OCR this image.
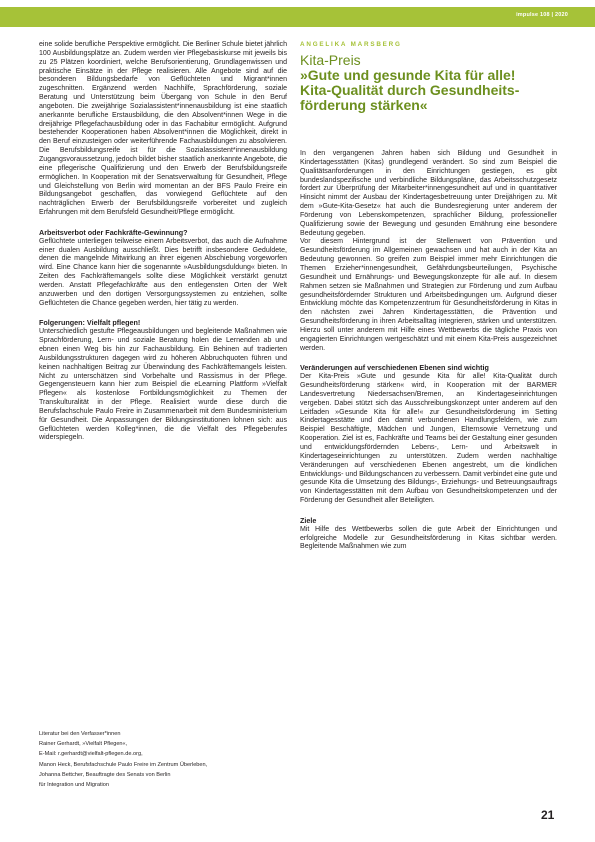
impulse 108 | 2020

eine solide berufliche Perspektive ermöglicht. Die Berliner Schule bietet jährlich 100 Ausbildungsplätze an. Zudem werden vier Pflegebasiskurse mit jeweils bis zu 25 Plätzen koordiniert, welche Berufsorientierung, Grundlagenwissen und praktische Einsätze in der Pflege realisieren. Alle Angebote sind auf die besonderen Bildungsbedarfe von Geflüchteten und Migrant*innen zugeschnitten. Ergänzend werden Nachhilfe, Sprachförderung, soziale Beratung und Unterstützung beim Übergang von Schule in den Beruf angeboten. Die zweijährige Sozialassistent*innenausbildung ist eine staatlich anerkannte berufliche Erstausbildung, die den Absolvent*innen Wege in die dreijährige Pflegefachausbildung oder in das Fachabitur ermöglicht. Aufgrund bestehender Kooperationen haben Absolvent*innen die Möglichkeit, direkt in den Beruf einzusteigen oder weiterführende Fachausbildungen zu absolvieren. Die Berufsbildungsreife ist für die Sozialassistent*innenausbildung Zugangsvoraussetzung, jedoch bildet bisher staatlich anerkannte Angebote, die eine pflegerische Qualifizierung und den Erwerb der Berufsbildungsreife ermöglichen. In Kooperation mit der Senatsverwaltung für Gesundheit, Pflege und Gleichstellung von Berlin wird momentan an der BFS Paulo Freire ein Bildungsangebot geschaffen, das vorwiegend Geflüchtete auf den nachträglichen Erwerb der Berufsbildungsreife vorbereitet und zugleich Erfahrungen mit dem Berufsfeld Gesundheit/Pflege ermöglicht.

Arbeitsverbot oder Fachkräfte-Gewinnung?

Geflüchtete unterliegen teilweise einem Arbeitsverbot, das auch die Aufnahme einer dualen Ausbildung ausschließt. Dies betrifft insbesondere Geduldete, denen die mangelnde Mitwirkung an ihrer eigenen Abschiebung vorgeworfen wird. Eine Chance kann hier die sogenannte »Ausbildungsduldung« bieten. In Zeiten des Fachkräftemangels sollte diese Möglichkeit verstärkt genutzt werden. Anstatt Pflegefachkräfte aus den entlegensten Orten der Welt anzuwerben und den dortigen Versorgungssystemen zu entziehen, sollte Geflüchteten die Chance gegeben werden, hier tätig zu werden.

Folgerungen: Vielfalt pflegen!

Unterschiedlich gestufte Pflegeausbildungen und begleitende Maßnahmen wie Sprachförderung, Lern- und soziale Beratung holen die Lernenden ab und ebnen einen Weg bis hin zur Fachausbildung. Ein Behinen auf tradierten Ausbildungsstrukturen dagegen wird zu höheren Abbruchquoten führen und keinen nachhaltigen Beitrag zur Überwindung des Fachkräftemangels leisten. Nicht zu unterschätzen sind Vorbehalte und Rassismus in der Pflege. Gegengensteuern kann hier zum Beispiel die eLearning Plattform »Vielfalt Pflegen« als kostenlose Fortbildungsmöglichkeit zu Themen der Transkulturalität in der Pflege. Realisiert wurde diese durch die Berufsfachschule Paulo Freire in Zusammenarbeit mit dem Bundesministerium für Gesundheit. Die Anpassungen der Bildungsinstitutionen lohnen sich: aus Geflüchteten werden Kolleg*innen, die die Vielfalt des Pflegeberufes widerspiegeln.

Literatur bei den Verfasser*innen
Rainer Gerhardt, »Vielfalt Pflegen«,
E-Mail: r.gerhardt@vielfalt-pflegen.de.org,
Manon Heck, Berufsfachschule Paulo Freire im Zentrum Überleben,
Johanna Bettcher, Beauftragte des Senats von Berlin
für Integration und Migration
ANGELIKA MARSBERG
Kita-Preis
»Gute und gesunde Kita für alle!
Kita-Qualität durch Gesundheits-
förderung stärken«

In den vergangenen Jahren haben sich Bildung und Gesundheit in Kindertagesstätten (Kitas) grundlegend verändert. So sind zum Beispiel die Qualitätsanforderungen in den Einrichtungen gestiegen, es gibt bundeslandspezifische und verbindliche Bildungspläne, das Arbeitsschutzgesetz fordert zur Überprüfung der Mitarbeiter*innengesundheit auf und in quantitativer Hinsicht nimmt der Ausbau der Kindertagesbetreuung unter Dreijährigen zu. Mit dem »Gute-Kita-Gesetz« hat auch die Bundesregierung unter anderem der Förderung von Lebenskompetenzen, sprachlicher Bildung, professioneller Qualifizierung sowie der Bewegung und gesunden Ernährung eine besondere Bedeutung gegeben.

Vor diesem Hintergrund ist der Stellenwert von Prävention und Gesundheitsförderung im Allgemeinen gewachsen und hat auch in der Kita an Bedeutung gewonnen. So greifen zum Beispiel immer mehr Einrichtungen die Themen Erzieher*innengesundheit, Gefährdungsbeurteilungen, Psychische Gesundheit und Ernährungs- und Bewegungskonzepte für alle auf. In diesem Rahmen setzen sie Maßnahmen und Strategien zur Förderung und zum Aufbau gesundheitsfördernder Strukturen und Arbeitsbedingungen um. Aufgrund dieser Entwicklung möchte das Kompetenzzentrum für Gesundheitsförderung in Kitas in den nächsten zwei Jahren Kindertagesstätten, die Prävention und Gesundheitsförderung in ihren Arbeitsalltag integrieren, stärken und unterstützen. Hierzu soll unter anderem mit Hilfe eines Wettbewerbs die tägliche Praxis von engagierten Einrichtungen wertgeschätzt und mit einem Kita-Preis ausgezeichnet werden.

Veränderungen auf verschiedenen Ebenen sind wichtig

Der Kita-Preis »Gute und gesunde Kita für alle! Kita-Qualität durch Gesundheitsförderung stärken« wird, in Kooperation mit der BARMER Landesvertretung Niedersachsen/Bremen, an Kindertageseinrichtungen vergeben. Dabei stützt sich das Ausschreibungskonzept unter anderem auf den Leitfaden »Gesunde Kita für alle!« zur Gesundheitsförderung im Setting Kindertagesstätte und den damit verbundenen Handlungsfeldern, wie zum Beispiel Beschäftigte, Mädchen und Jungen, Elternsowie Vernetzung und Kooperation. Ziel ist es, Fachkräfte und Teams bei der Gestaltung einer gesunden und entwicklungsfördernden Lebens-, Lern- und Arbeitswelt in Kindertageseinrichtungen zu unterstützen. Zudem werden nachhaltige Veränderungen auf verschiedenen Ebenen angestrebt, um die kindlichen Entwicklungs- und Bildungschancen zu verbessern. Damit verbindet eine gute und gesunde Kita die Umsetzung des Bildungs-, Erziehungs- und Betreuungsauftrags von Kindertagesstätten mit dem Aufbau von Gesundheitskompetenzen und der Förderung der Gesundheit aller Beteiligten.

Ziele

Mit Hilfe des Wettbewerbs sollen die gute Arbeit der Einrichtungen und erfolgreiche Modelle zur Gesundheitsförderung in Kitas sichtbar werden. Begleitende Maßnahmen wie zum

21
